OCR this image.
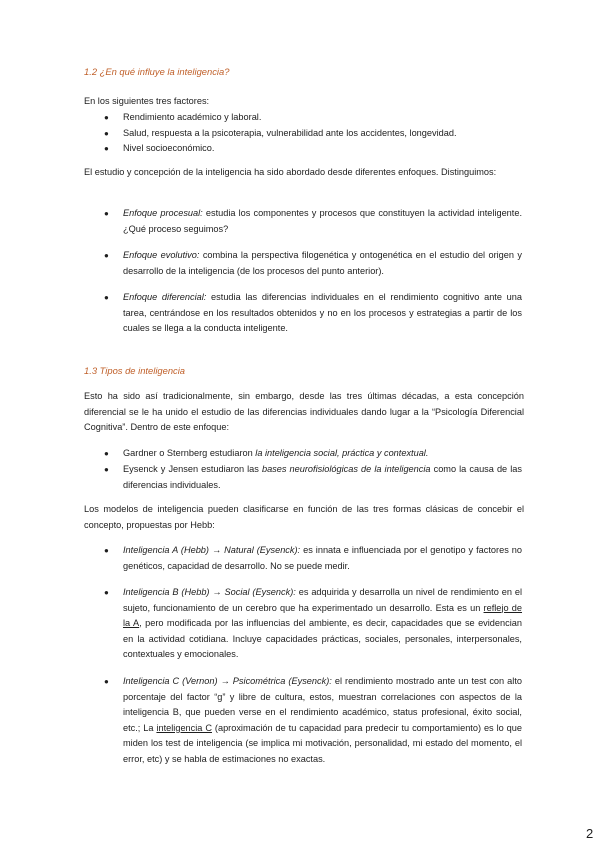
1.2 ¿En qué influye la inteligencia?
En los siguientes tres factores:
● Rendimiento académico y laboral.
● Salud, respuesta a la psicoterapia, vulnerabilidad ante los accidentes, longevidad.
● Nivel socioeconómico.

El estudio y concepción de la inteligencia ha sido abordado desde diferentes enfoques. Distinguimos:

● Enfoque procesual: estudia los componentes y procesos que constituyen la actividad inteligente. ¿Qué proceso seguimos?

● Enfoque evolutivo: combina la perspectiva filogenética y ontogenética en el estudio del origen y desarrollo de la inteligencia (de los procesos del punto anterior).

● Enfoque diferencial: estudia las diferencias individuales en el rendimiento cognitivo ante una tarea, centrándose en los resultados obtenidos y no en los procesos y estrategias a partir de los cuales se llega a la conducta inteligente.

1.3 Tipos de inteligencia

Esto ha sido así tradicionalmente, sin embargo, desde las tres últimas décadas, a esta concepción diferencial se le ha unido el estudio de las diferencias individuales dando lugar a la “Psicología Diferencial Cognitiva”. Dentro de este enfoque:

● Gardner o Sternberg estudiaron la inteligencia social, práctica y contextual.

● Eysenck y Jensen estudiaron las bases neurofisiológicas de la inteligencia como la causa de las diferencias individuales.

Los modelos de inteligencia pueden clasificarse en función de las tres formas clásicas de concebir el concepto, propuestas por Hebb:

● Inteligencia A (Hebb) → Natural (Eysenck): es innata e influenciada por el genotipo y factores no genéticos, capacidad de desarrollo. No se puede medir.

● Inteligencia B (Hebb) → Social (Eysenck): es adquirida y desarrolla un nivel de rendimiento en el sujeto, funcionamiento de un cerebro que ha experimentado un desarrollo. Esta es un reflejo de la A, pero modificada por las influencias del ambiente, es decir, capacidades que se evidencian en la actividad cotidiana. Incluye capacidades prácticas, sociales, personales, interpersonales, contextuales y emocionales.

● Inteligencia C (Vernon) → Psicométrica (Eysenck): el rendimiento mostrado ante un test con alto porcentaje del factor “g” y libre de cultura, estos, muestran correlaciones con aspectos de la inteligencia B, que pueden verse en el rendimiento académico, status profesional, éxito social, etc.; La inteligencia C (aproximación de tu capacidad para predecir tu comportamiento) es lo que miden los test de inteligencia (se implica mi motivación, personalidad, mi estado del momento, el error, etc) y se habla de estimaciones no exactas.

2
